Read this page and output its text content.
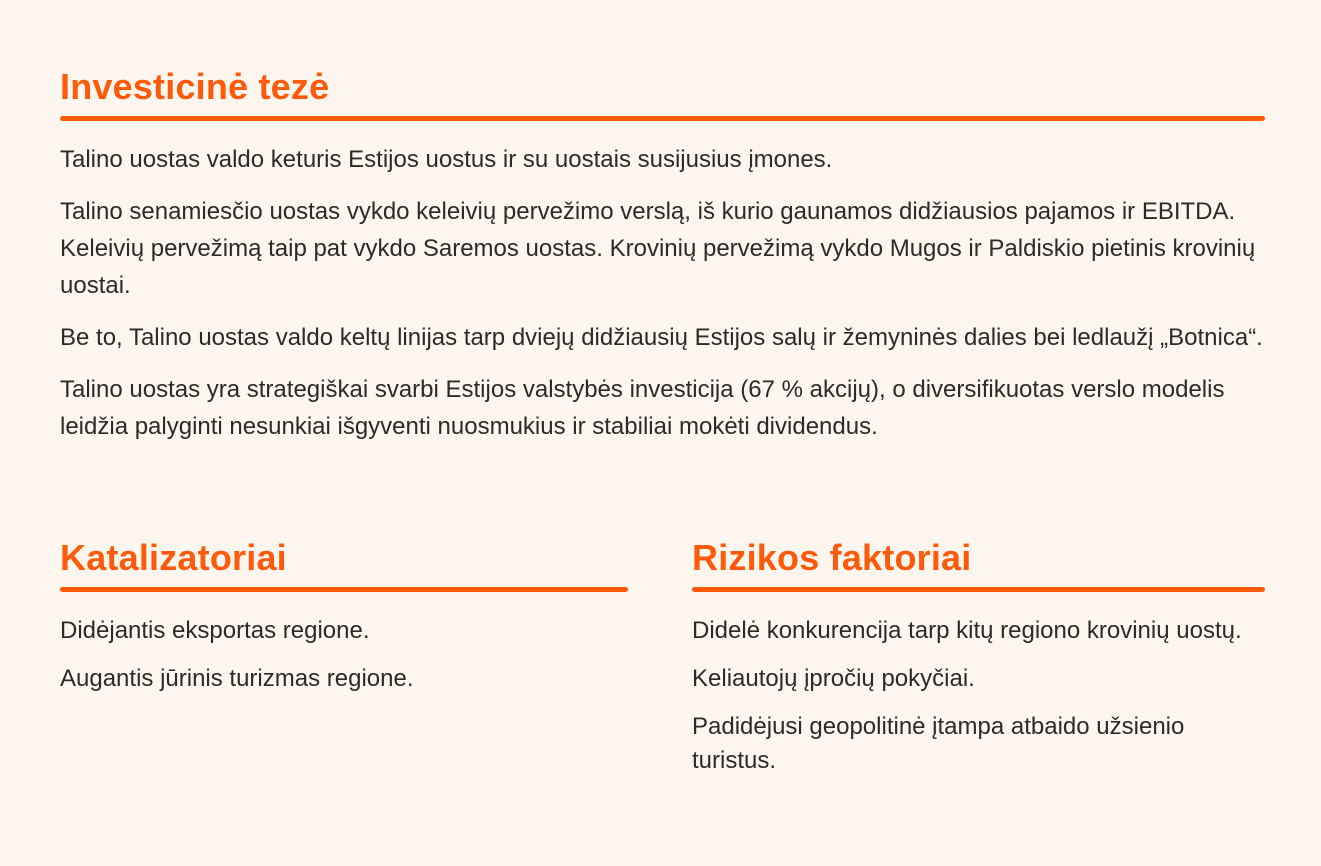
Investicinė tezė

Talino uostas valdo keturis Estijos uostus ir su uostais susijusius įmones.

Talino senamiesčio uostas vykdo keleivių pervežimo verslą, iš kurio gaunamos didžiausios pajamos ir EBITDA. Keleivių pervežimą taip pat vykdo Saremos uostas. Krovinių pervežimą vykdo Mugos ir Paldiskio pietinis krovinių uostai.

Be to, Talino uostas valdo keltų linijas tarp dviejų didžiausių Estijos salų ir žemyninės dalies bei ledlaužį „Botnica“.

Talino uostas yra strategiškai svarbi Estijos valstybės investicija (67 % akcijų), o diversifikuotas verslo modelis leidžia palyginti nesunkiai išgyventi nuosmukius ir stabiliai mokėti dividendus.

Katalizatoriai

Didėjantis eksportas regione.

Augantis jūrinis turizmas regione.

Rizikos faktoriai

Didelė konkurencija tarp kitų regiono krovinių uostų.

Keliautojų įpročių pokyčiai.

Padidėjusi geopolitinė įtampa atbaido užsienio turistus.
